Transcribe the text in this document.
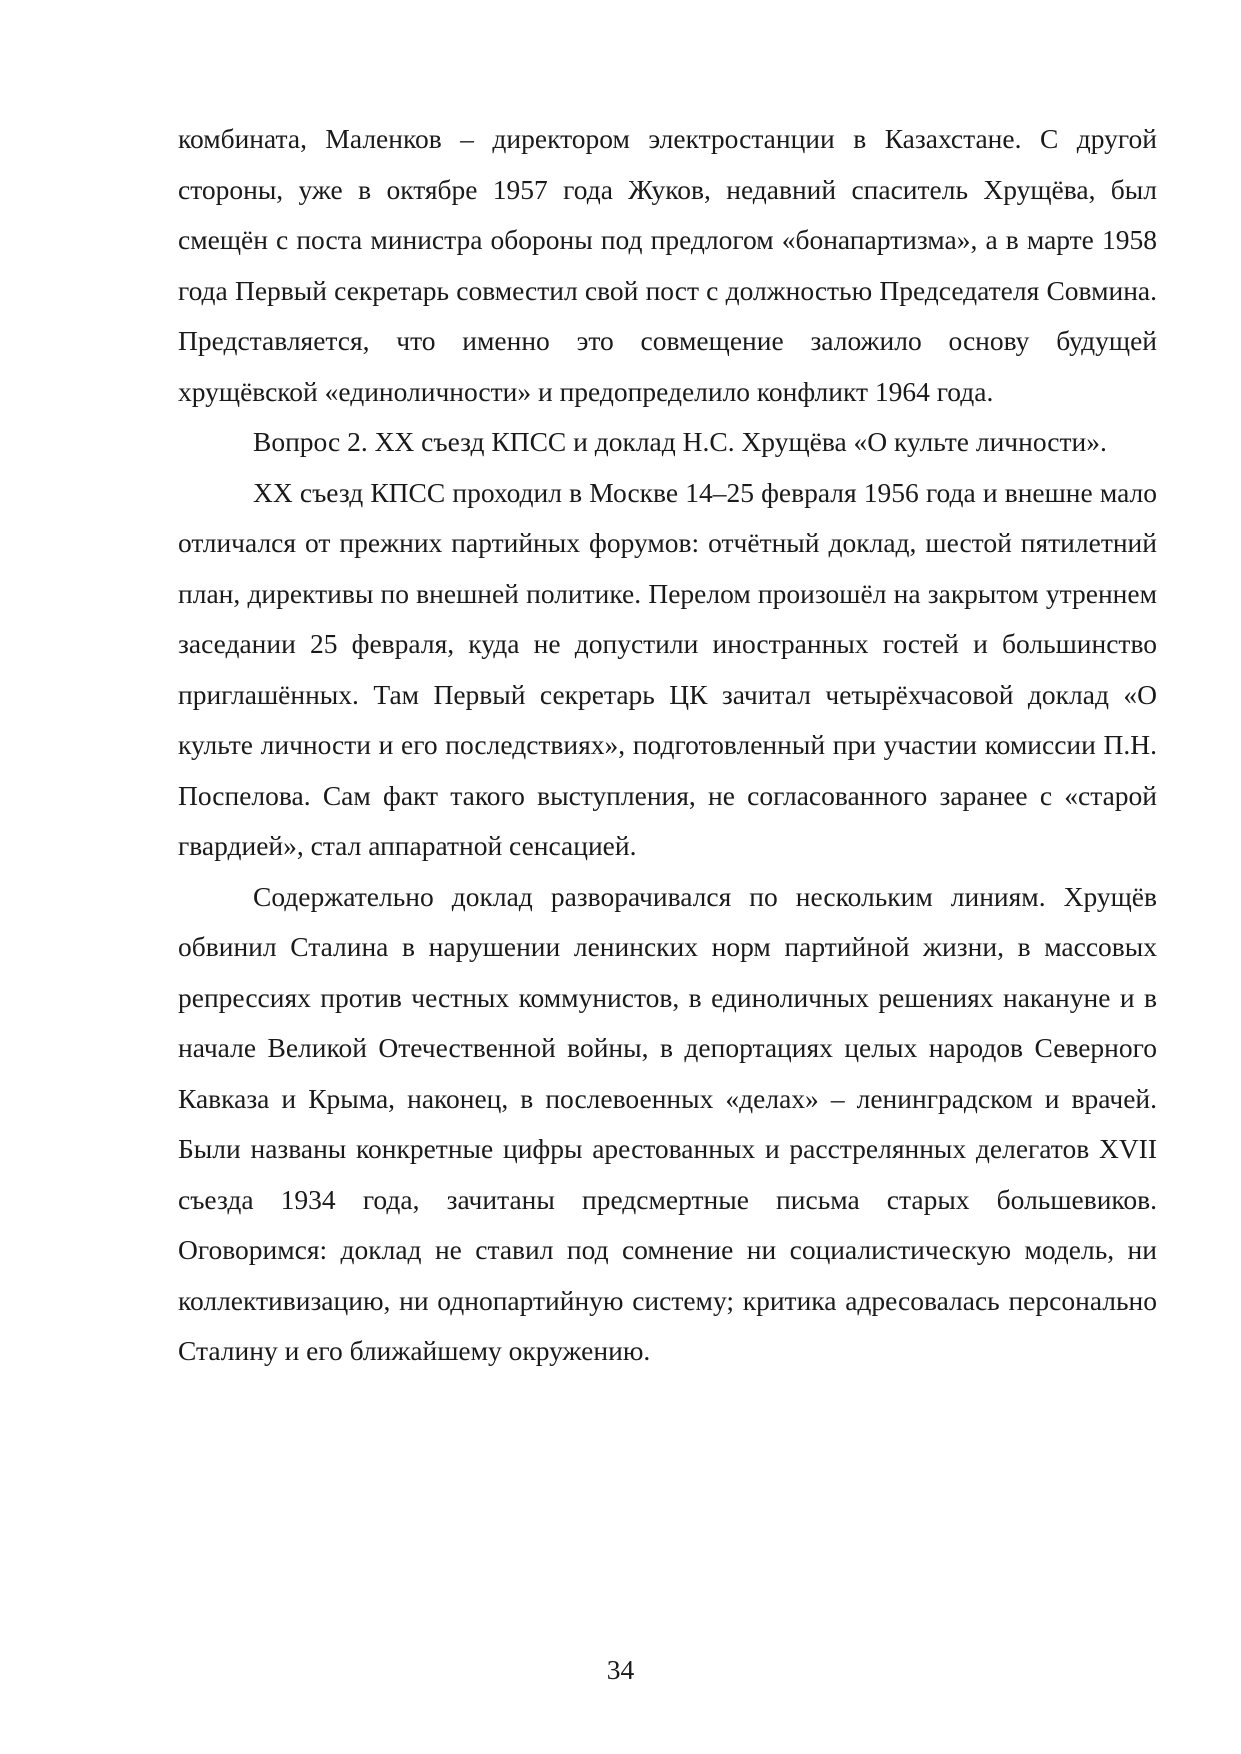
комбината, Маленков – директором электростанции в Казахстане. С другой стороны, уже в октябре 1957 года Жуков, недавний спаситель Хрущёва, был смещён с поста министра обороны под предлогом «бонапартизма», а в марте 1958 года Первый секретарь совместил свой пост с должностью Председателя Совмина. Представляется, что именно это совмещение заложило основу будущей хрущёвской «единоличности» и предопределило конфликт 1964 года.

Вопрос 2. XX съезд КПСС и доклад Н.С. Хрущёва «О культе личности».

XX съезд КПСС проходил в Москве 14–25 февраля 1956 года и внешне мало отличался от прежних партийных форумов: отчётный доклад, шестой пятилетний план, директивы по внешней политике. Перелом произошёл на закрытом утреннем заседании 25 февраля, куда не допустили иностранных гостей и большинство приглашённых. Там Первый секретарь ЦК зачитал четырёхчасовой доклад «О культе личности и его последствиях», подготовленный при участии комиссии П.Н. Поспелова. Сам факт такого выступления, не согласованного заранее с «старой гвардией», стал аппаратной сенсацией.

Содержательно доклад разворачивался по нескольким линиям. Хрущёв обвинил Сталина в нарушении ленинских норм партийной жизни, в массовых репрессиях против честных коммунистов, в единоличных решениях накануне и в начале Великой Отечественной войны, в депортациях целых народов Северного Кавказа и Крыма, наконец, в послевоенных «делах» – ленинградском и врачей. Были названы конкретные цифры арестованных и расстрелянных делегатов XVII съезда 1934 года, зачитаны предсмертные письма старых большевиков. Оговоримся: доклад не ставил под сомнение ни социалистическую модель, ни коллективизацию, ни однопартийную систему; критика адресовалась персонально Сталину и его ближайшему окружению.

34
